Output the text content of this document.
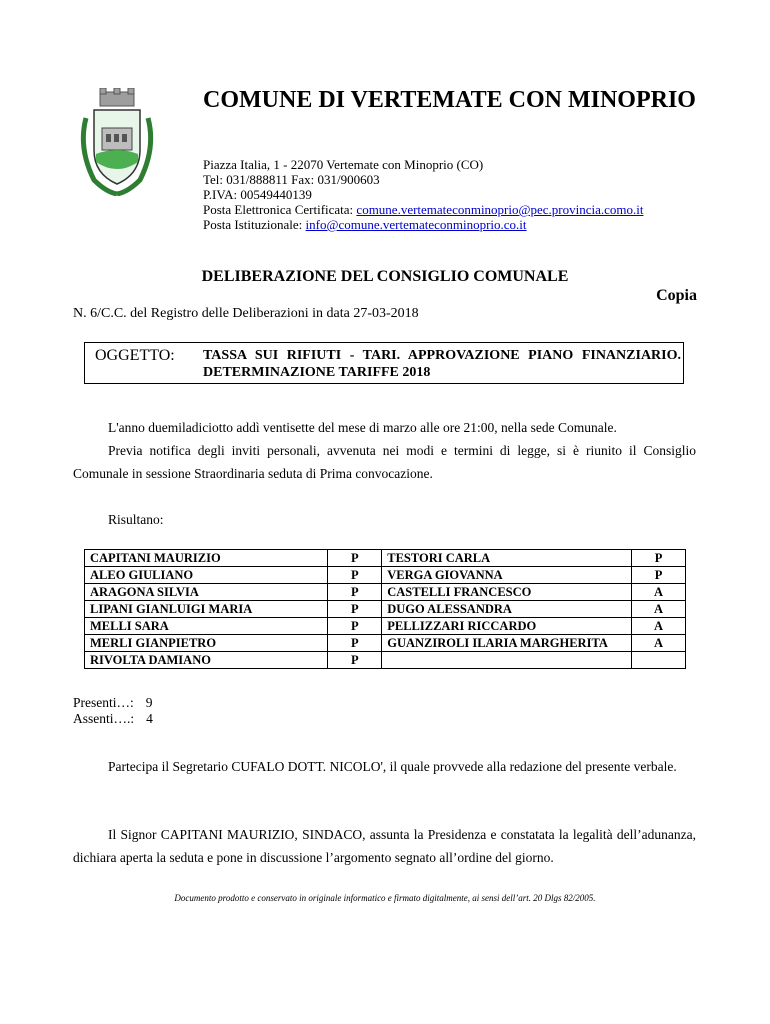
COMUNE DI VERTEMATE CON MINOPRIO
Piazza Italia, 1 - 22070 Vertemate con Minoprio (CO)
Tel: 031/888811 Fax: 031/900603
P.IVA: 00549440139
Posta Elettronica Certificata: comune.vertemateconminoprio@pec.provincia.como.it
Posta Istituzionale: info@comune.vertemateconminoprio.co.it
DELIBERAZIONE DEL CONSIGLIO COMUNALE
Copia
N. 6/C.C. del Registro delle Deliberazioni in data 27-03-2018
OGGETTO: TASSA SUI RIFIUTI - TARI. APPROVAZIONE PIANO FINANZIARIO. DETERMINAZIONE TARIFFE 2018
L'anno duemiladiciotto addì ventisette del mese di marzo alle ore 21:00, nella sede Comunale.
Previa notifica degli inviti personali, avvenuta nei modi e termini di legge, si è riunito il Consiglio Comunale in sessione Straordinaria seduta di Prima convocazione.
Risultano:
CAPITANI MAURIZIO	P	TESTORI CARLA	P
ALEO GIULIANO	P	VERGA GIOVANNA	P
ARAGONA SILVIA	P	CASTELLI FRANCESCO	A
LIPANI GIANLUIGI MARIA	P	DUGO ALESSANDRA	A
MELLI SARA	P	PELLIZZARI RICCARDO	A
MERLI GIANPIETRO	P	GUANZIROLI ILARIA MARGHERITA	A
RIVOLTA DAMIANO	P		
Presenti…: 9
Assenti….: 4
Partecipa il Segretario CUFALO DOTT. NICOLO', il quale provvede alla redazione del presente verbale.
Il Signor CAPITANI MAURIZIO, SINDACO, assunta la Presidenza e constatata la legalità dell’adunanza, dichiara aperta la seduta e pone in discussione l’argomento segnato all’ordine del giorno.
Documento prodotto e conservato in originale informatico e firmato digitalmente, ai sensi dell’art. 20 Dlgs 82/2005.
